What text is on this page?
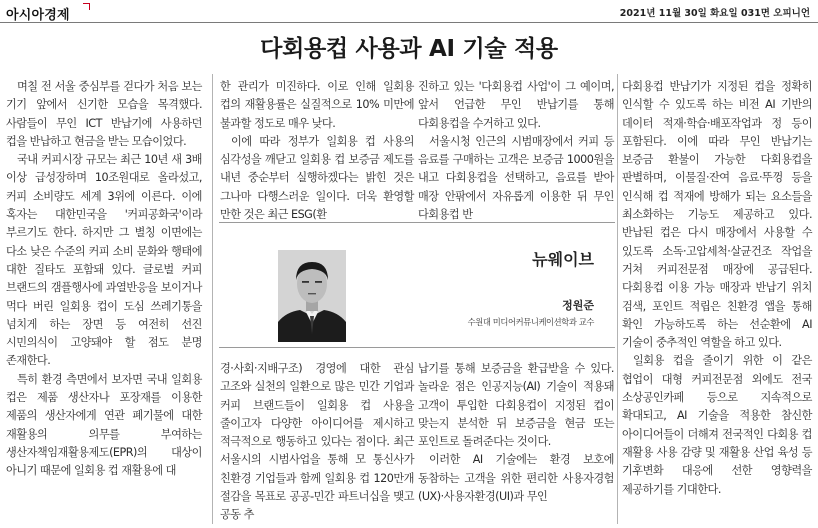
아시아경제	2021년 11월 30일 화요일 031면 오피니언
다회용컵 사용과 AI 기술 적용

며칠 전 서울 중심부를 걷다가 처음 보는 기기 앞에서 신기한 모습을 목격했다. 사람들이 무인 ICT 반납기에 사용하던 컵을 반납하고 현금을 받는 모습이었다.

국내 커피시장 규모는 최근 10년 새 3배 이상 급성장하며 10조원대로 올라섰고, 커피 소비량도 세계 3위에 이른다. 이에 혹자는 대한민국을 '커피공화국'이라 부르기도 한다. 하지만 그 별칭 이면에는 다소 낮은 수준의 커피 소비 문화와 행태에 대한 질타도 포함돼 있다. 글로벌 커피 브랜드의 갬플행사에 과열반응을 보이거나 먹다 버린 일회용 컵이 도심 쓰레기통을 넘치게 하는 장면 등 여전히 선진 시민의식이 고양돼야 할 점도 분명 존재한다.

특히 환경 측면에서 보자면 국내 일회용 컵은 제품 생산자나 포장재를 이용한 제품의 생산자에게 연관 폐기물에 대한 재활용의 의무를 부여하는 생산자책임재활용제도(EPR)의 대상이 아니기 때문에 일회용 컵 재활용에 대

한 관리가 미진하다. 이로 인해 일회용 컵의 재활용률은 실질적으로 10% 미만에 불과할 정도로 매우 낮다.

이에 따라 정부가 일회용 컵 사용의 심각성을 깨닫고 일회용 컵 보증금 제도를 내년 중순부터 실행하겠다는 밝힌 것은 그나마 다행스러운 일이다. 더욱 환영할 만한 것은 최근 ESG(환

진하고 있는 '다회용컵 사업'이 그 예이며, 앞서 언급한 무인 반납기를 통해 다회용컵을 수거하고 있다.

서울시청 인근의 시범매장에서 커피 등 음료를 구매하는 고객은 보증금 1000원을 내고 다회용컵을 선택하고, 음료를 받아 매장 안팎에서 자유롭게 이용한 뒤 무인 다회용컵 반

뉴웨이브
정원준
수원대 미디어커뮤니케이션학과 교수

경·사회·지배구조) 경영에 대한 관심 고조와 실천의 일환으로 많은 민간 기업과 커피 브랜드들이 일회용 컵 사용을 줄이고자 다양한 아이디어를 제시하고 적극적으로 행동하고 있다는 점이다. 최근 서울시의 시범사업을 통해 모 통신사가 친환경 기업들과 함께 일회용 컵 120만개 절감을 목표로 공공-민간 파트너십을 맺고 공동 추

납기를 통해 보증금을 환급받을 수 있다. 놀라운 점은 인공지능(AI) 기술이 적용돼 고객이 투입한 다회용컵이 지정된 컵이 맞는지 분석한 뒤 보증금을 현금 또는 포인트로 돌려준다는 것이다.

이러한 AI 기술에는 환경 보호에 동참하는 고객을 위한 편리한 사용자경험(UX)·사용자환경(UI)과 무인

다회용컵 반납기가 지정된 컵을 정확히 인식할 수 있도록 하는 비전 AI 기반의 데이터 적재·학습·배포작업과 정 등이 포함된다. 이에 따라 무인 반납기는 보증금 환불이 가능한 다회용컵을 판별하며, 이물질·잔여 음료·뚜껑 등을 인식해 컵 적재에 방해가 되는 요소들을 최소화하는 기능도 제공하고 있다. 반납된 컵은 다시 매장에서 사용할 수 있도록 소독·고압세척·살균건조 작업을 거쳐 커피전문점 매장에 공급된다. 다회용컵 이용 가능 매장과 반납기 위치 검색, 포인트 적립은 친환경 앱을 통해 확인 가능하도록 하는 선순환에 AI 기술이 중추적인 역할을 하고 있다.

일회용 컵을 줄이기 위한 이 같은 협업이 대형 커피전문점 외에도 전국 소상공인카페 등으로 지속적으로 확대되고, AI 기술을 적용한 참신한 아이디어들이 더해져 전국적인 다회용 컵 재활용 사용 감량 및 재활용 산업 육성 등 기후변화 대응에 선한 영향력을 제공하기를 기대한다.
